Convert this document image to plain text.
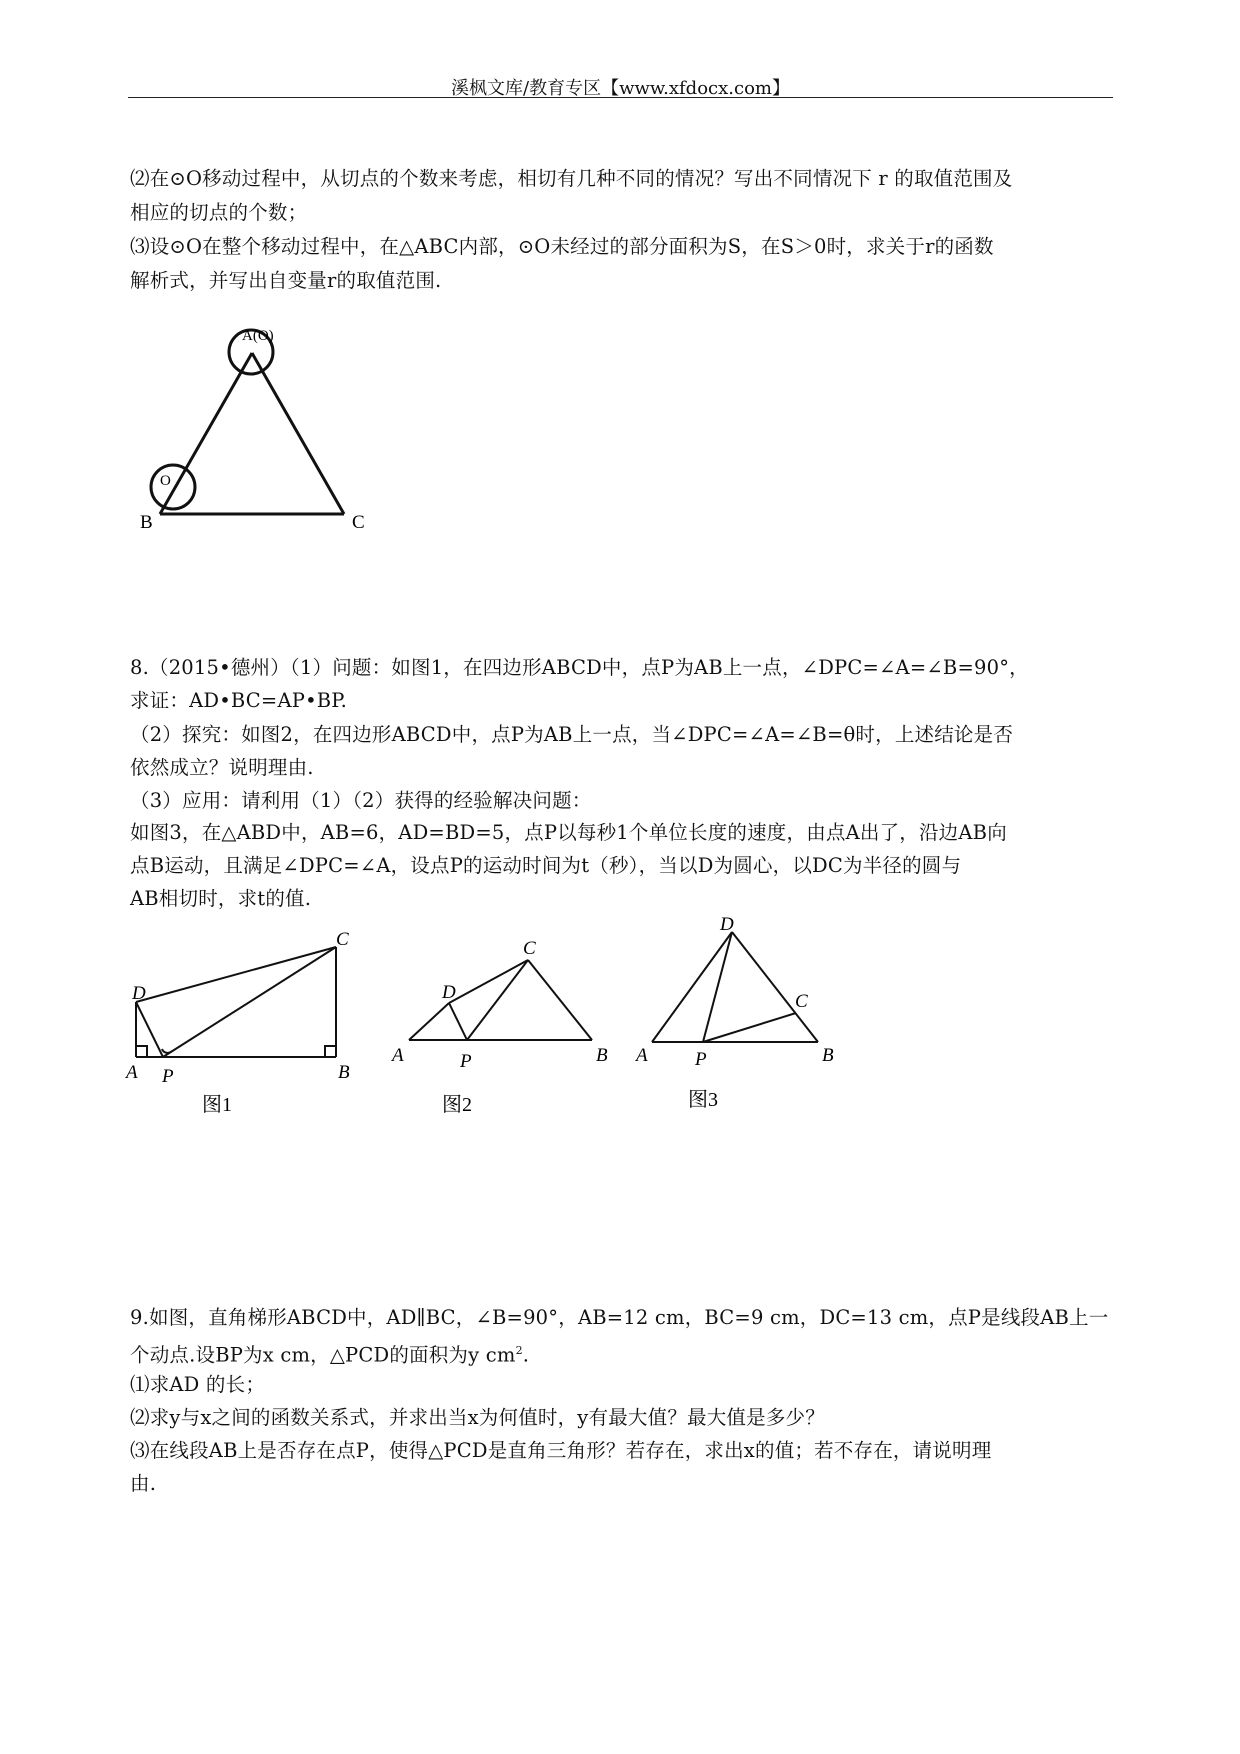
溪枫文库/教育专区【www.xfdocx.com】
⑵在⊙O移动过程中，从切点的个数来考虑，相切有几种不同的情况？写出不同情况下 r 的取值范围及
相应的切点的个数；
⑶设⊙O在整个移动过程中，在△ABC内部，⊙O未经过的部分面积为S，在S＞0时，求关于r的函数
解析式，并写出自变量r的取值范围.
A(O)
O
B	C
8.（2015•德州）（1）问题：如图1，在四边形ABCD中，点P为AB上一点，∠DPC=∠A=∠B=90°，
求证：AD•BC=AP•BP.
（2）探究：如图2，在四边形ABCD中，点P为AB上一点，当∠DPC=∠A=∠B=θ时，上述结论是否
依然成立？说明理由.
（3）应用：请利用（1）（2）获得的经验解决问题：
如图3，在△ABD中，AB=6，AD=BD=5，点P以每秒1个单位长度的速度，由点A出了，沿边AB向
点B运动，且满足∠DPC=∠A，设点P的运动时间为t（秒），当以D为圆心，以DC为半径的圆与
AB相切时，求t的值.
D
C
A P	B
图1
D
C
A	P	B
图2
D
C
A P	B
图3
9.如图，直角梯形ABCD中，AD∥BC，∠B=90°，AB=12 cm，BC=9 cm，DC=13 cm，点P是线段AB上一
个动点.设BP为x cm，△PCD的面积为y $cm^2$.
⑴求AD 的长；
⑵求y与x之间的函数关系式，并求出当x为何值时，y有最大值？最大值是多少？
⑶在线段AB上是否存在点P，使得△PCD是直角三角形？若存在，求出x的值；若不存在，请说明理
由.
